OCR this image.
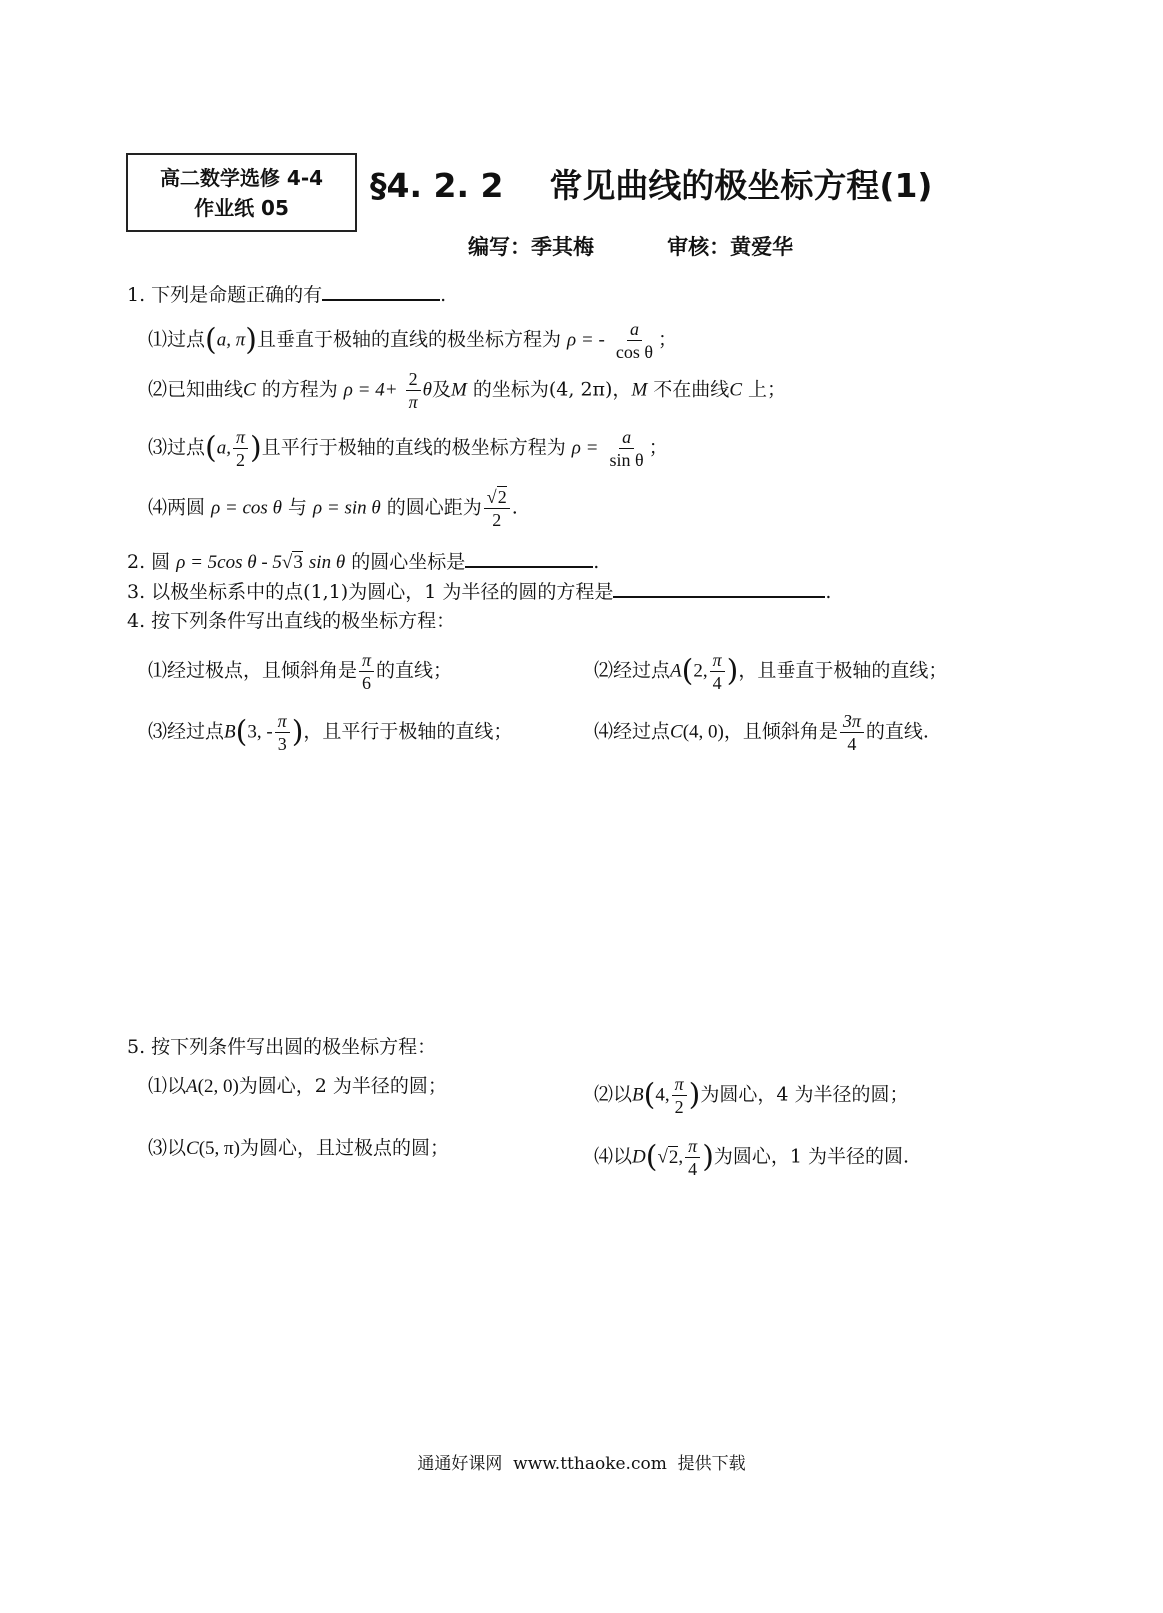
高二数学选修 4-4
作业纸 05
§4. 2. 2    常见曲线的极坐标方程(1)
编写：季其梅          审核：黄爱华
1. 下列是命题正确的有	.
⑴过点(a, π)且垂直于极轴的直线的极坐标方程为 ρ = - $\frac{a}{\text{cos θ}}$ ；
⑵已知曲线C 的方程为 $\rho = 4+ \frac{2}{\pi}$ θ及M 的坐标为(4, 2π)，M 不在曲线C 上；
⑶过点(a, $\frac{\pi}{2}$ )且平行于极轴的直线的极坐标方程为 $\rho = \frac{a}{\text{sin θ}}$ ；
⑷两圆 ρ = cos θ 与 ρ = sin θ 的圆心距为 $\frac{√2}{2}$ .
2. 圆 ρ = 5cos θ - 5√3 sin θ 的圆心坐标是	.
3. 以极坐标系中的点(1,1)为圆心，1 为半径的圆的方程是	.
4. 按下列条件写出直线的极坐标方程：
⑴经过极点，且倾斜角是 $\frac{\pi}{6}$ 的直线；	⑵经过点A(2, $\frac{\pi}{4}$ )，且垂直于极轴的直线；
⑶经过点B(3, - $\frac{\pi}{3}$ )，且平行于极轴的直线；	⑷经过点C(4, 0)，且倾斜角是 $\frac{3\pi}{4}$ 的直线.
5. 按下列条件写出圆的极坐标方程：
⑴以A(2, 0)为圆心，2 为半径的圆；	⑵以B(4, $\frac{\pi}{2}$ )为圆心，4 为半径的圆；
⑶以C(5, π)为圆心，且过极点的圆；	⑷以D(√2, $\frac{\pi}{4}$ )为圆心，1 为半径的圆.
通通好课网  www.tthaoke.com  提供下载
